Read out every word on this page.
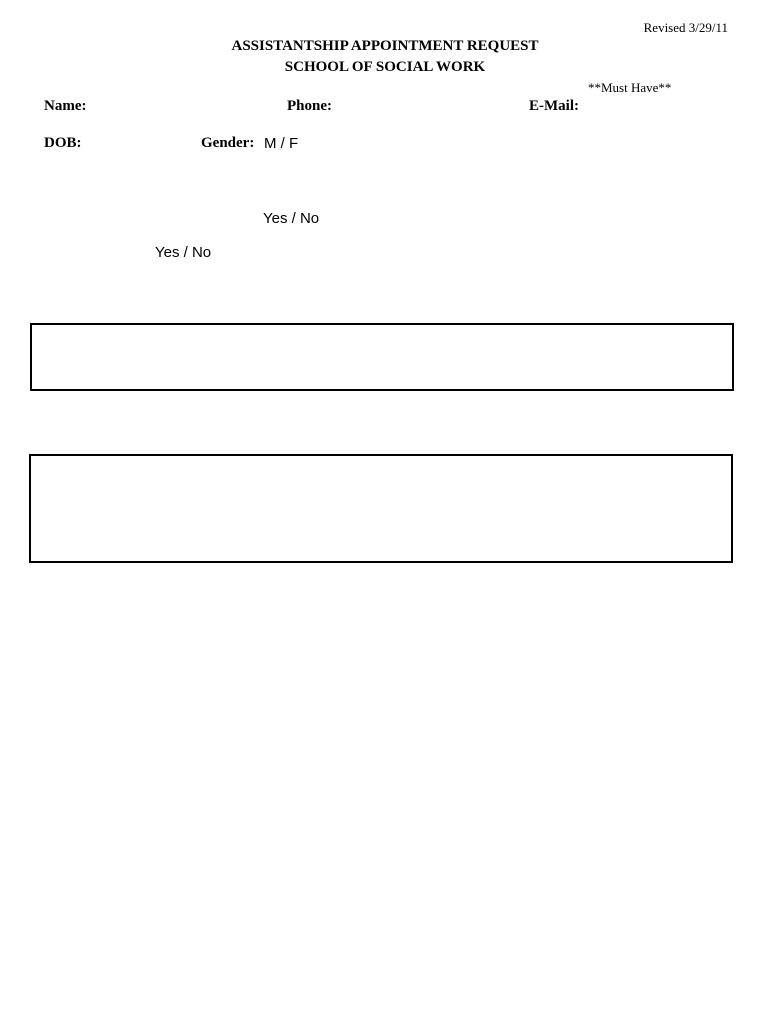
Revised 3/29/11
ASSISTANTSHIP APPOINTMENT REQUEST
SCHOOL OF SOCIAL WORK
**Must Have**
Name:	Phone:	E-Mail:
DOB:	Gender: M / F
Yes / No
Yes / No
